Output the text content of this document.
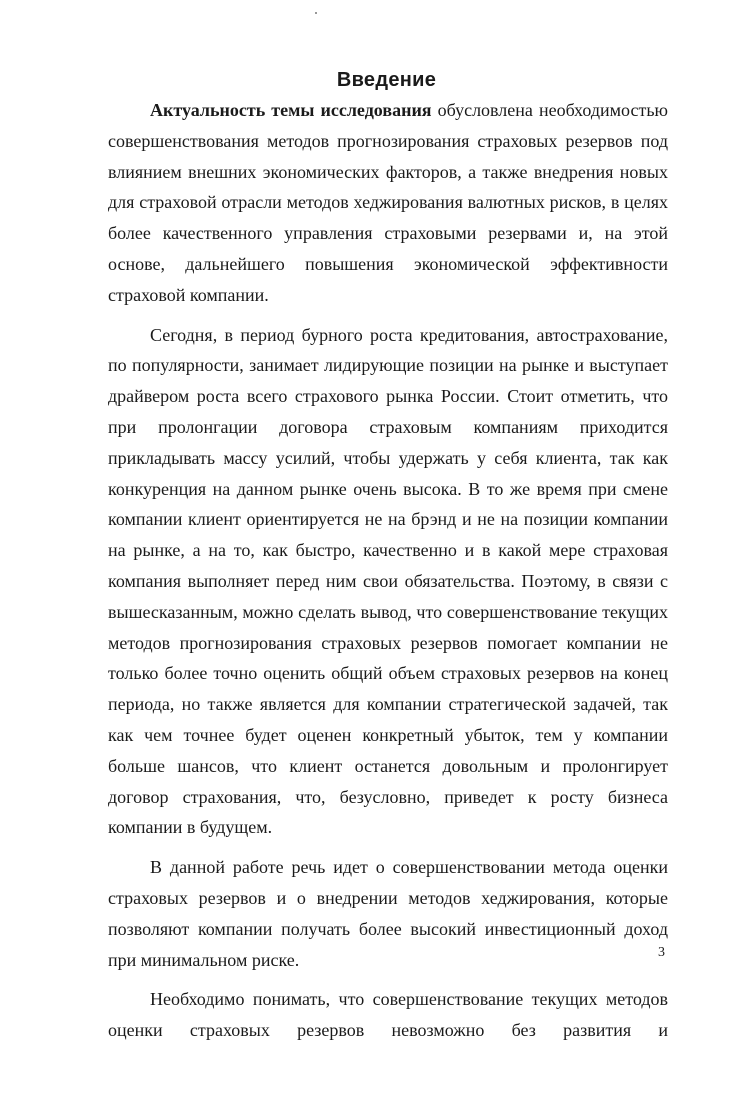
Введение

Актуальность темы исследования обусловлена необходимостью совершенствования методов прогнозирования страховых резервов под влиянием внешних экономических факторов, а также внедрения новых для страховой отрасли методов хеджирования валютных рисков, в целях более качественного управления страховыми резервами и, на этой основе, дальнейшего повышения экономической эффективности страховой компании.

Сегодня, в период бурного роста кредитования, автострахование, по популярности, занимает лидирующие позиции на рынке и выступает драйвером роста всего страхового рынка России. Стоит отметить, что при пролонгации договора страховым компаниям приходится прикладывать массу усилий, чтобы удержать у себя клиента, так как конкуренция на данном рынке очень высока. В то же время при смене компании клиент ориентируется не на брэнд и не на позиции компании на рынке, а на то, как быстро, качественно и в какой мере страховая компания выполняет перед ним свои обязательства. Поэтому, в связи с вышесказанным, можно сделать вывод, что совершенствование текущих методов прогнозирования страховых резервов помогает компании не только более точно оценить общий объем страховых резервов на конец периода, но также является для компании стратегической задачей, так как чем точнее будет оценен конкретный убыток, тем у компании больше шансов, что клиент останется довольным и пролонгирует договор страхования, что, безусловно, приведет к росту бизнеса компании в будущем.

В данной работе речь идет о совершенствовании метода оценки страховых резервов и о внедрении методов хеджирования, которые позволяют компании получать более высокий инвестиционный доход при минимальном риске.

Необходимо понимать, что совершенствование текущих методов оценки страховых резервов невозможно без развития и

3
